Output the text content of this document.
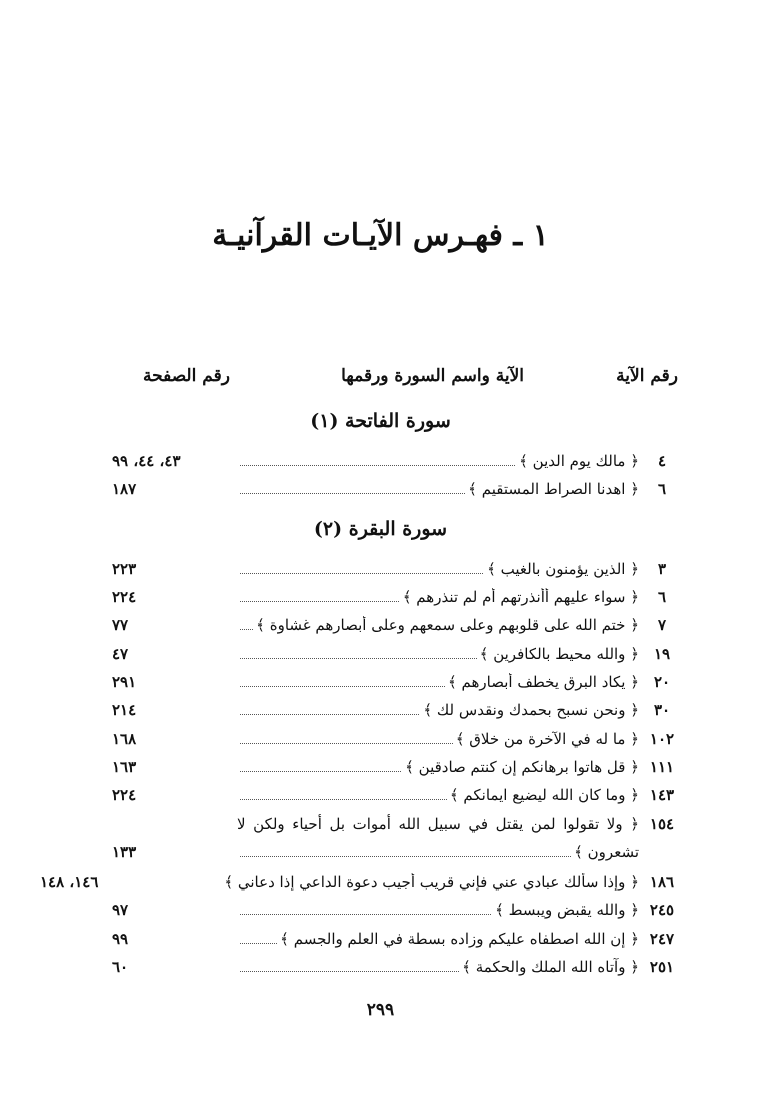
١ ـ فهـرس الآيـات القرآنيـة
رقم الآية
الآية واسم السورة ورقمها
رقم الصفحة
سورة الفاتحة (١)
٤
﴿ مالك يوم الدين ﴾
٤٣، ٤٤، ٩٩
٦
﴿ اهدنا الصراط المستقيم ﴾
١٨٧
سورة البقرة (٢)
٣
﴿ الذين يؤمنون بالغيب ﴾
٢٢٣
٦
﴿ سواء عليهم أأنذرتهم أم لم تنذرهم ﴾
٢٢٤
٧
﴿ ختم الله على قلوبهم وعلى سمعهم وعلى أبصارهم غشاوة ﴾
٧٧
١٩
﴿ والله محيط بالكافرين ﴾
٤٧
٢٠
﴿ يكاد البرق يخطف أبصارهم ﴾
٢٩١
٣٠
﴿ ونحن نسبح بحمدك ونقدس لك ﴾
٢١٤
١٠٢
﴿ ما له في الآخرة من خلاق ﴾
١٦٨
١١١
﴿ قل هاتوا برهانكم إن كنتم صادقين ﴾
١٦٣
١٤٣
﴿ وما كان الله ليضيع ايمانكم ﴾
٢٢٤
١٥٤
﴿ ولا تقولوا لمن يقتل في سبيل الله أموات بل أحياء ولكن لا
تشعرون ﴾
١٣٣
١٨٦
﴿ وإذا سألك عبادي عني فإني قريب أجيب دعوة الداعي إذا دعاني ﴾
١٤٦، ١٤٨
٢٤٥
﴿ والله يقبض ويبسط ﴾
٩٧
٢٤٧
﴿ إن الله اصطفاه عليكم وزاده بسطة في العلم والجسم ﴾
٩٩
٢٥١
﴿ وآتاه الله الملك والحكمة ﴾
٦٠
٢٩٩
